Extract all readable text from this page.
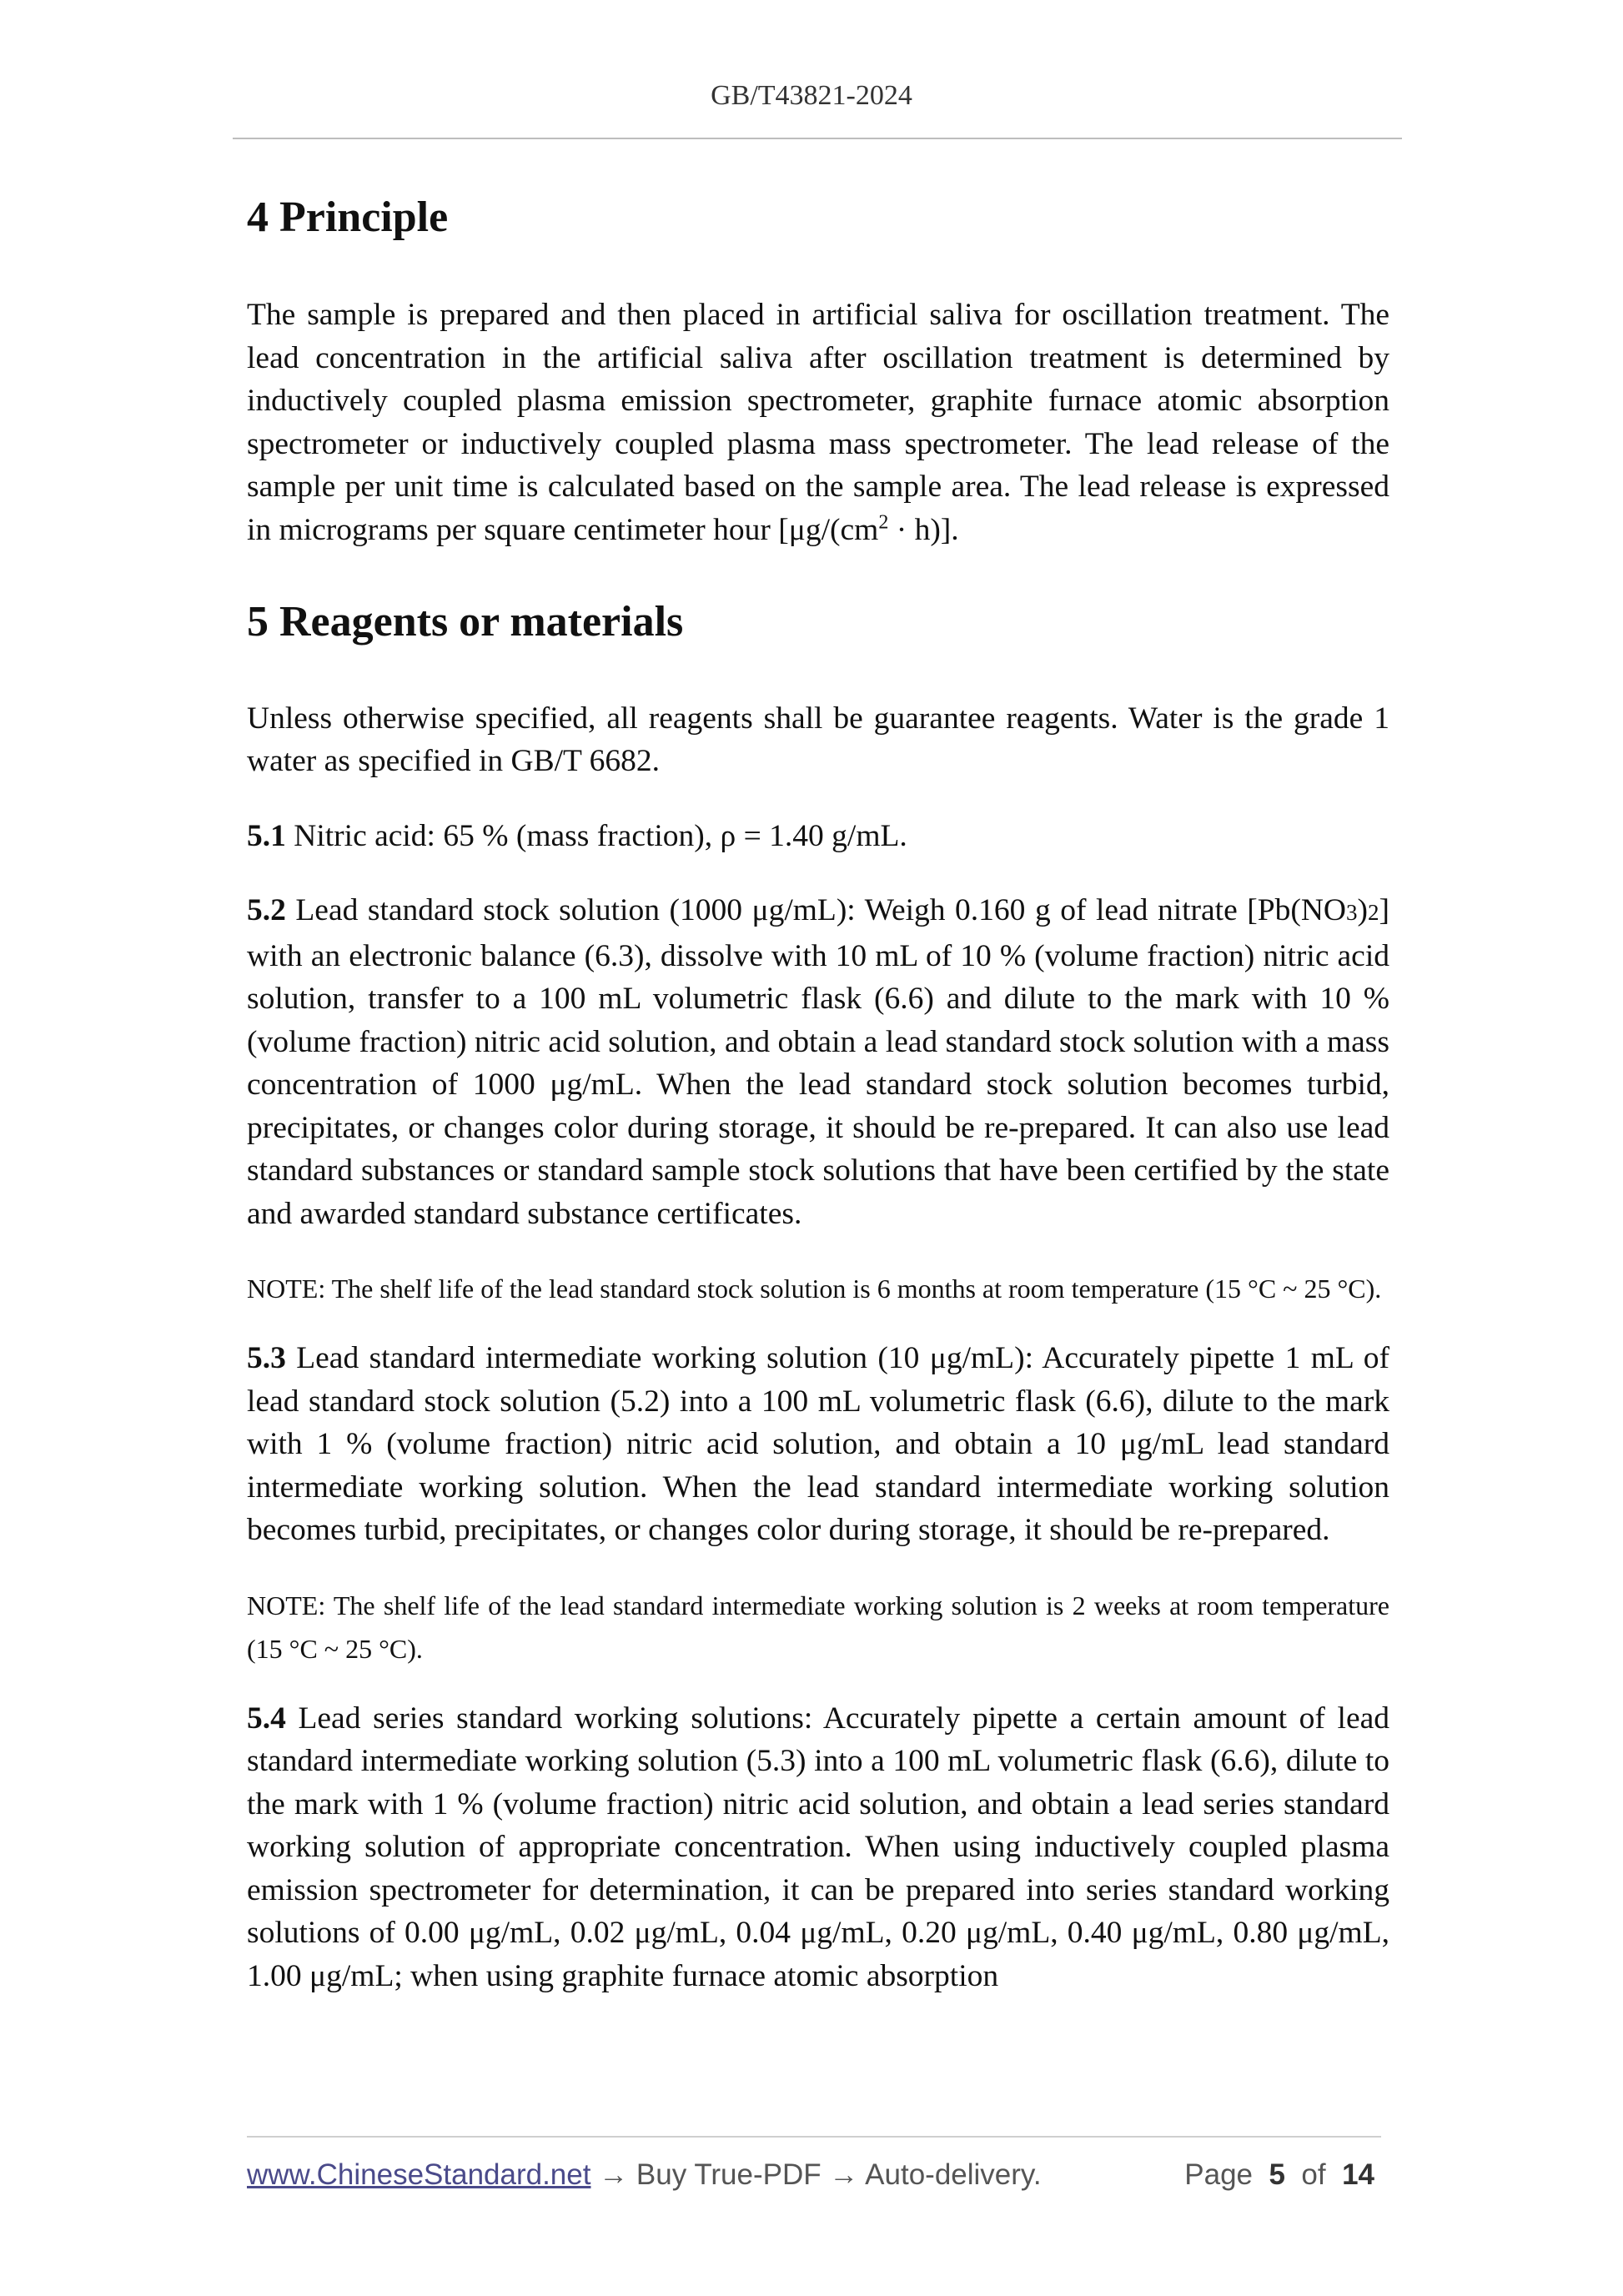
GB/T43821-2024
4 Principle

The sample is prepared and then placed in artificial saliva for oscillation treatment. The lead concentration in the artificial saliva after oscillation treatment is determined by inductively coupled plasma emission spectrometer, graphite furnace atomic absorption spectrometer or inductively coupled plasma mass spectrometer. The lead release of the sample per unit time is calculated based on the sample area. The lead release is expressed in micrograms per square centimeter hour $[\mu g/(cm^2 \cdot h)]$.

5 Reagents or materials

Unless otherwise specified, all reagents shall be guarantee reagents. Water is the grade 1 water as specified in GB/T 6682.

5.1 Nitric acid: 65 % (mass fraction), ρ = 1.40 g/mL.

5.2 Lead standard stock solution (1000 μg/mL): Weigh 0.160 g of lead nitrate [Pb(NO3)2] with an electronic balance (6.3), dissolve with 10 mL of 10 % (volume fraction) nitric acid solution, transfer to a 100 mL volumetric flask (6.6) and dilute to the mark with 10 % (volume fraction) nitric acid solution, and obtain a lead standard stock solution with a mass concentration of 1000 μg/mL. When the lead standard stock solution becomes turbid, precipitates, or changes color during storage, it should be re-prepared. It can also use lead standard substances or standard sample stock solutions that have been certified by the state and awarded standard substance certificates.

NOTE: The shelf life of the lead standard stock solution is 6 months at room temperature (15 °C ~ 25 °C).

5.3 Lead standard intermediate working solution (10 μg/mL): Accurately pipette 1 mL of lead standard stock solution (5.2) into a 100 mL volumetric flask (6.6), dilute to the mark with 1 % (volume fraction) nitric acid solution, and obtain a 10 μg/mL lead standard intermediate working solution. When the lead standard intermediate working solution becomes turbid, precipitates, or changes color during storage, it should be re-prepared.

NOTE: The shelf life of the lead standard intermediate working solution is 2 weeks at room temperature (15 °C ~ 25 °C).

5.4 Lead series standard working solutions: Accurately pipette a certain amount of lead standard intermediate working solution (5.3) into a 100 mL volumetric flask (6.6), dilute to the mark with 1 % (volume fraction) nitric acid solution, and obtain a lead series standard working solution of appropriate concentration. When using inductively coupled plasma emission spectrometer for determination, it can be prepared into series standard working solutions of 0.00 μg/mL, 0.02 μg/mL, 0.04 μg/mL, 0.20 μg/mL, 0.40 μg/mL, 0.80 μg/mL, 1.00 μg/mL; when using graphite furnace atomic absorption

www.ChineseStandard.net → Buy True-PDF → Auto-delivery.	Page 5 of 14
